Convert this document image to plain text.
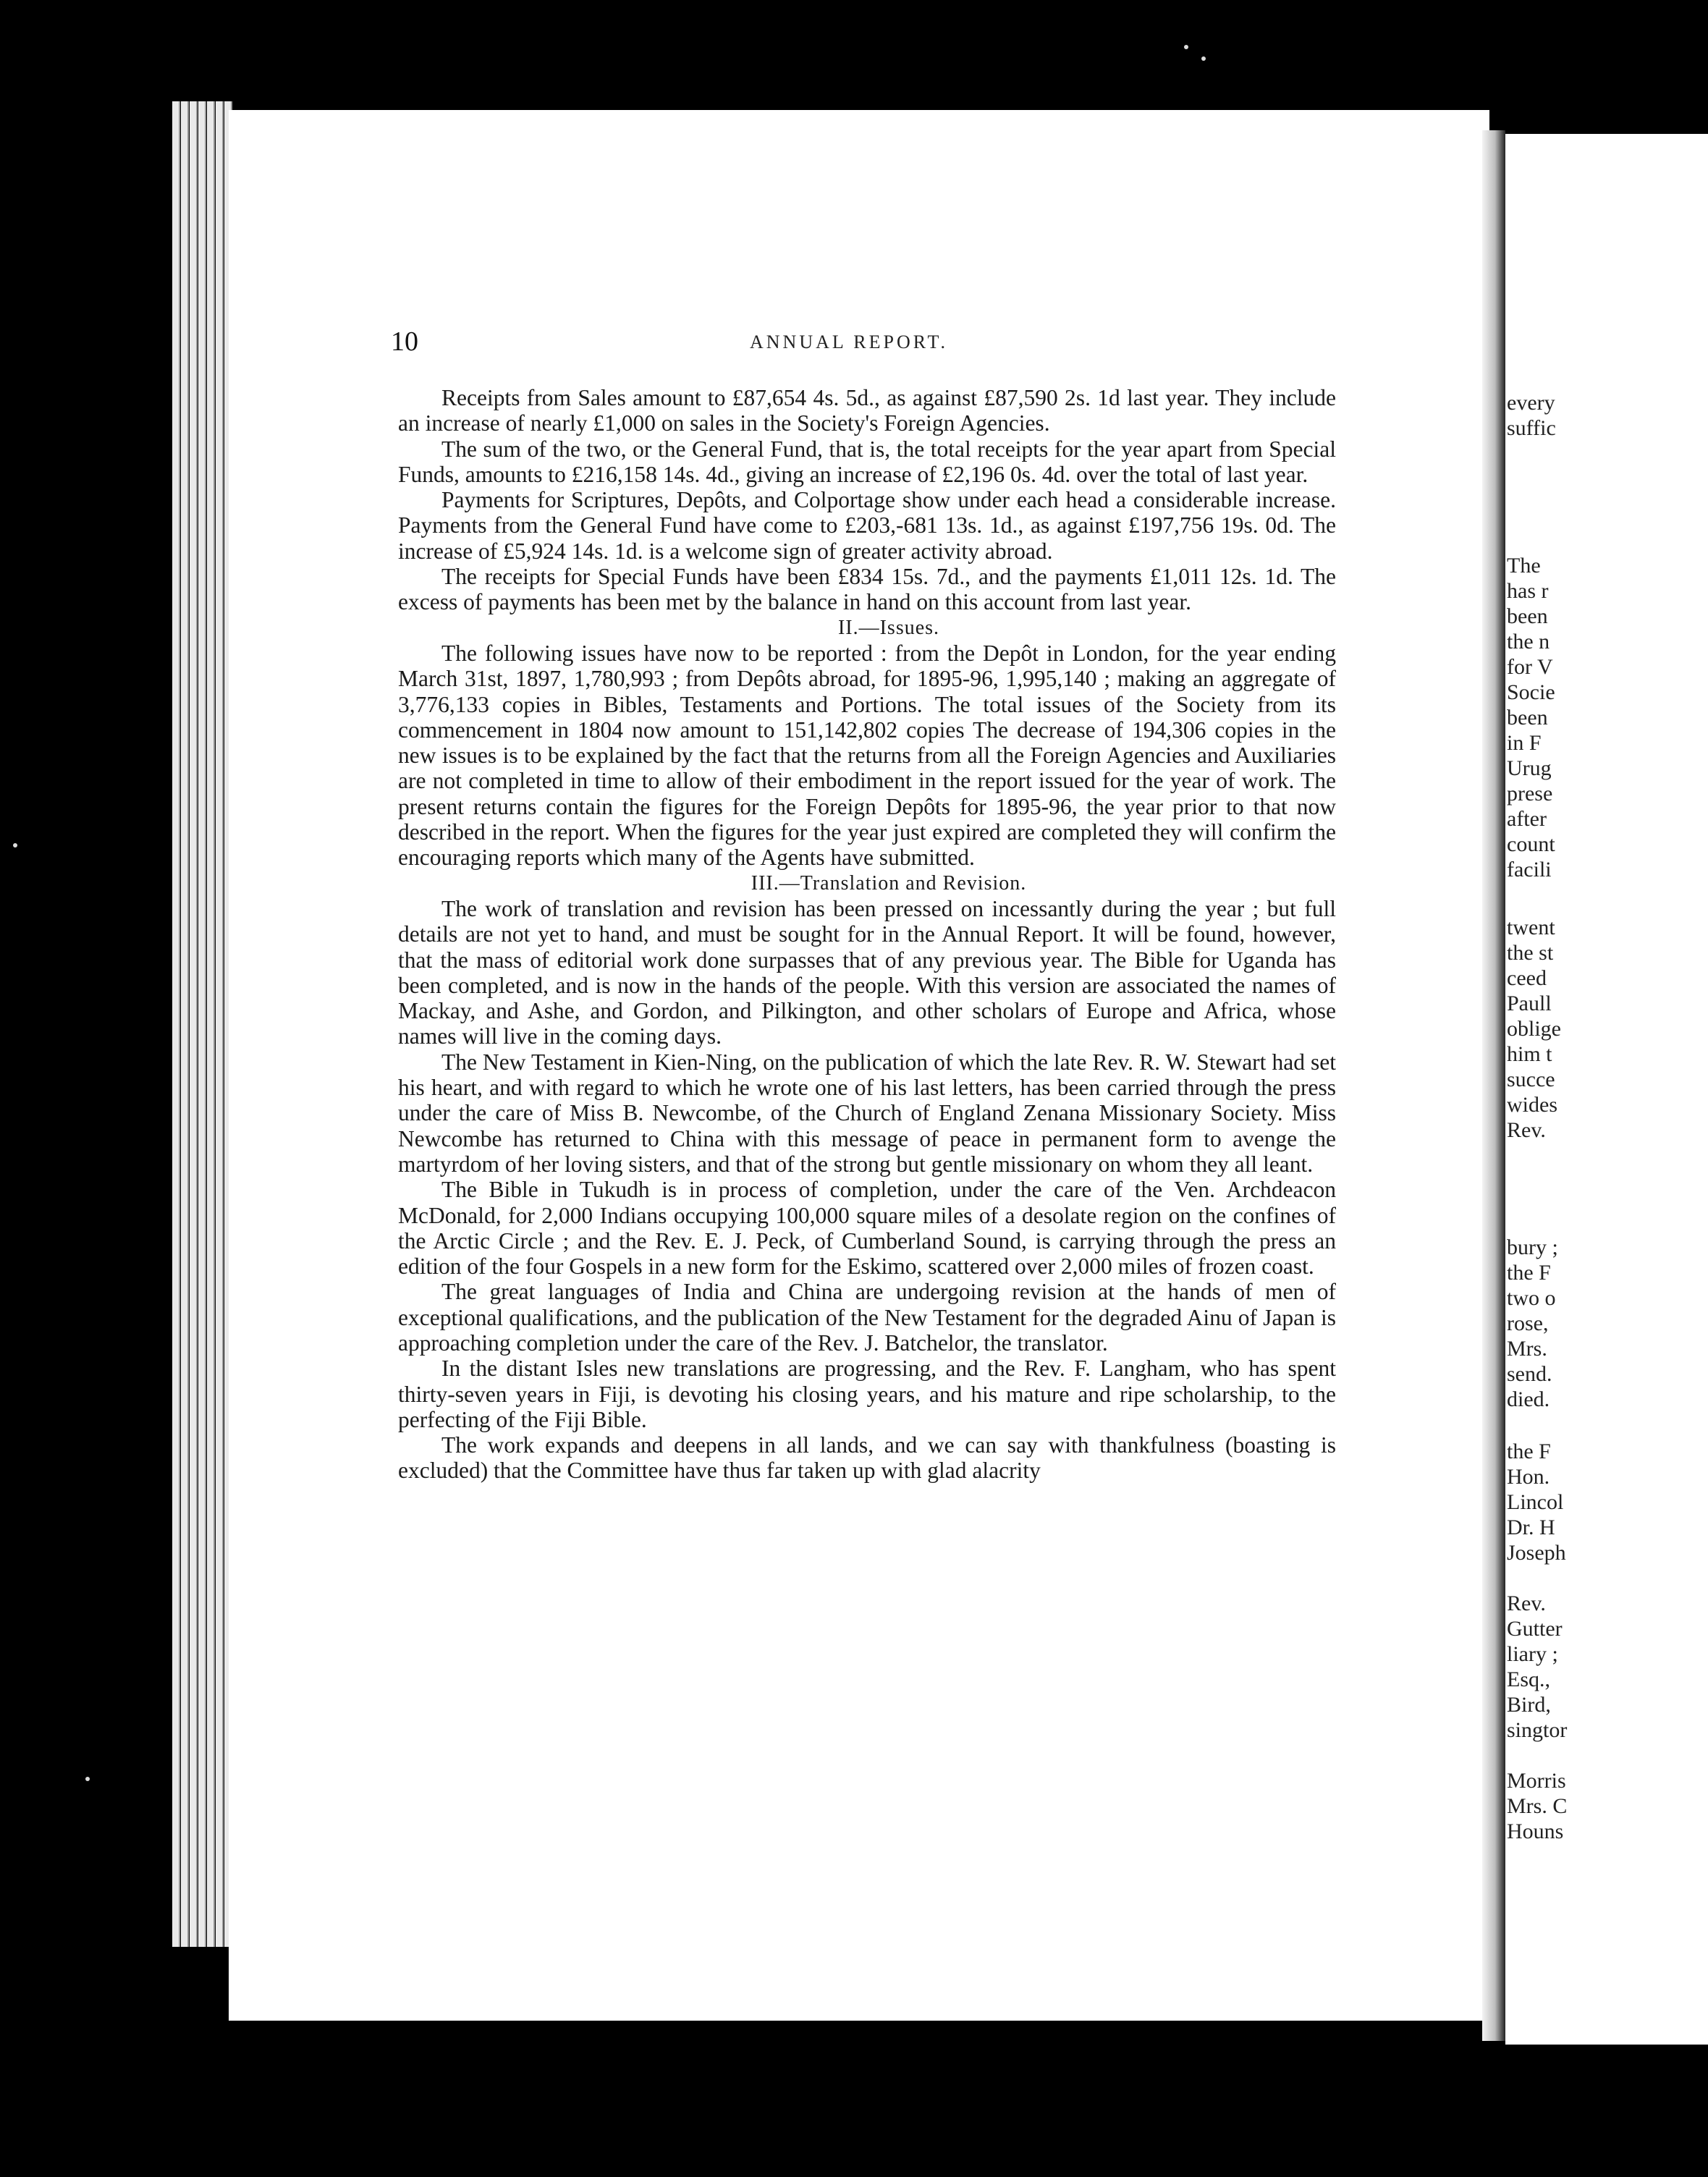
every
suffic
The
has r
been
the n
for V
Socie
been
in F
Urug
prese
after
count
facili
twent
the st
ceed
Paull
oblige
him t
succe
wides
Rev.
bury ;
the F
two o
rose,
Mrs.
send.
died.
the F
Hon.
Lincol
Dr. H
Joseph
Rev.
Gutter
liary ;
Esq.,
Bird,
singtor
Morris
Mrs. C
Houns
10	ANNUAL REPORT.

Receipts from Sales amount to £87,654 4s. 5d., as against £87,590 2s. 1d last year. They include an increase of nearly £1,000 on sales in the Society's Foreign Agencies.

The sum of the two, or the General Fund, that is, the total receipts for the year apart from Special Funds, amounts to £216,158 14s. 4d., giving an increase of £2,196 0s. 4d. over the total of last year.

Payments for Scriptures, Depôts, and Colportage show under each head a considerable increase. Payments from the General Fund have come to £203,-681 13s. 1d., as against £197,756 19s. 0d. The increase of £5,924 14s. 1d. is a welcome sign of greater activity abroad.

The receipts for Special Funds have been £834 15s. 7d., and the payments £1,011 12s. 1d. The excess of payments has been met by the balance in hand on this account from last year.

II.—Issues.

The following issues have now to be reported : from the Depôt in London, for the year ending March 31st, 1897, 1,780,993 ; from Depôts abroad, for 1895-96, 1,995,140 ; making an aggregate of 3,776,133 copies in Bibles, Testaments and Portions. The total issues of the Society from its commencement in 1804 now amount to 151,142,802 copies The decrease of 194,306 copies in the new issues is to be explained by the fact that the returns from all the Foreign Agencies and Auxiliaries are not completed in time to allow of their embodiment in the report issued for the year of work. The present returns contain the figures for the Foreign Depôts for 1895-96, the year prior to that now described in the report. When the figures for the year just expired are completed they will confirm the encouraging reports which many of the Agents have submitted.

III.—Translation and Revision.

The work of translation and revision has been pressed on incessantly during the year ; but full details are not yet to hand, and must be sought for in the Annual Report. It will be found, however, that the mass of editorial work done surpasses that of any previous year. The Bible for Uganda has been completed, and is now in the hands of the people. With this version are associated the names of Mackay, and Ashe, and Gordon, and Pilkington, and other scholars of Europe and Africa, whose names will live in the coming days.

The New Testament in Kien-Ning, on the publication of which the late Rev. R. W. Stewart had set his heart, and with regard to which he wrote one of his last letters, has been carried through the press under the care of Miss B. Newcombe, of the Church of England Zenana Missionary Society. Miss Newcombe has returned to China with this message of peace in permanent form to avenge the martyrdom of her loving sisters, and that of the strong but gentle missionary on whom they all leant.

The Bible in Tukudh is in process of completion, under the care of the Ven. Archdeacon McDonald, for 2,000 Indians occupying 100,000 square miles of a desolate region on the confines of the Arctic Circle ; and the Rev. E. J. Peck, of Cumberland Sound, is carrying through the press an edition of the four Gospels in a new form for the Eskimo, scattered over 2,000 miles of frozen coast.

The great languages of India and China are undergoing revision at the hands of men of exceptional qualifications, and the publication of the New Testament for the degraded Ainu of Japan is approaching completion under the care of the Rev. J. Batchelor, the translator.

In the distant Isles new translations are progressing, and the Rev. F. Langham, who has spent thirty-seven years in Fiji, is devoting his closing years, and his mature and ripe scholarship, to the perfecting of the Fiji Bible.

The work expands and deepens in all lands, and we can say with thankfulness (boasting is excluded) that the Committee have thus far taken up with glad alacrity
